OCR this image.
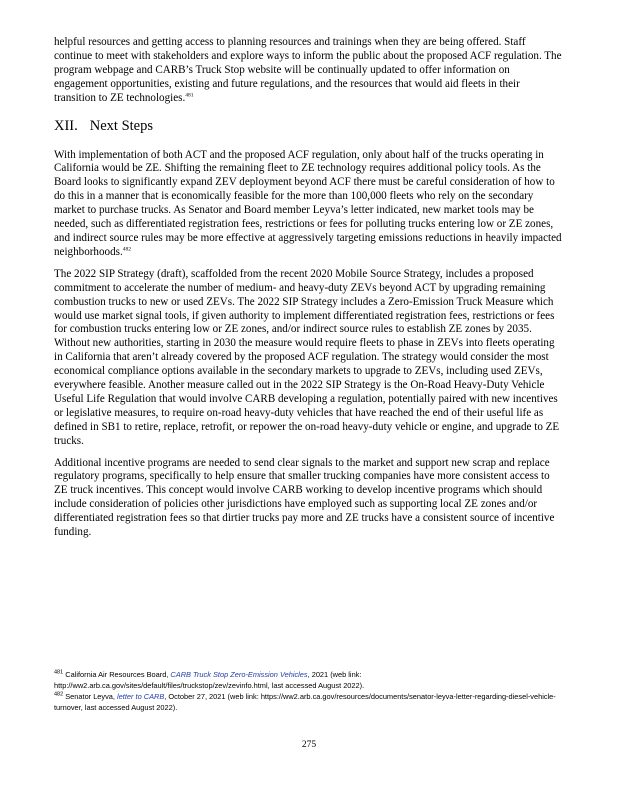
helpful resources and getting access to planning resources and trainings when they are being offered. Staff continue to meet with stakeholders and explore ways to inform the public about the proposed ACF regulation. The program webpage and CARB’s Truck Stop website will be continually updated to offer information on engagement opportunities, existing and future regulations, and the resources that would aid fleets in their transition to ZE technologies.$^{481}$

XII. Next Steps

With implementation of both ACT and the proposed ACF regulation, only about half of the trucks operating in California would be ZE. Shifting the remaining fleet to ZE technology requires additional policy tools. As the Board looks to significantly expand ZEV deployment beyond ACF there must be careful consideration of how to do this in a manner that is economically feasible for the more than 100,000 fleets who rely on the secondary market to purchase trucks. As Senator and Board member Leyva’s letter indicated, new market tools may be needed, such as differentiated registration fees, restrictions or fees for polluting trucks entering low or ZE zones, and indirect source rules may be more effective at aggressively targeting emissions reductions in heavily impacted neighborhoods.$^{482}$

The 2022 SIP Strategy (draft), scaffolded from the recent 2020 Mobile Source Strategy, includes a proposed commitment to accelerate the number of medium- and heavy-duty ZEVs beyond ACT by upgrading remaining combustion trucks to new or used ZEVs. The 2022 SIP Strategy includes a Zero-Emission Truck Measure which would use market signal tools, if given authority to implement differentiated registration fees, restrictions or fees for combustion trucks entering low or ZE zones, and/or indirect source rules to establish ZE zones by 2035. Without new authorities, starting in 2030 the measure would require fleets to phase in ZEVs into fleets operating in California that aren’t already covered by the proposed ACF regulation. The strategy would consider the most economical compliance options available in the secondary markets to upgrade to ZEVs, including used ZEVs, everywhere feasible. Another measure called out in the 2022 SIP Strategy is the On-Road Heavy-Duty Vehicle Useful Life Regulation that would involve CARB developing a regulation, potentially paired with new incentives or legislative measures, to require on-road heavy-duty vehicles that have reached the end of their useful life as defined in SB1 to retire, replace, retrofit, or repower the on-road heavy-duty vehicle or engine, and upgrade to ZE trucks.

Additional incentive programs are needed to send clear signals to the market and support new scrap and replace regulatory programs, specifically to help ensure that smaller trucking companies have more consistent access to ZE truck incentives. This concept would involve CARB working to develop incentive programs which should include consideration of policies other jurisdictions have employed such as supporting local ZE zones and/or differentiated registration fees so that dirtier trucks pay more and ZE trucks have a consistent source of incentive funding.

$^{481}$ California Air Resources Board, CARB Truck Stop Zero-Emission Vehicles, 2021 (web link: http://ww2.arb.ca.gov/sites/default/files/truckstop/zev/zevinfo.html, last accessed August 2022).

$^{482}$ Senator Leyva, letter to CARB, October 27, 2021 (web link: https://ww2.arb.ca.gov/resources/documents/senator-leyva-letter-regarding-diesel-vehicle-turnover, last accessed August 2022).

275
